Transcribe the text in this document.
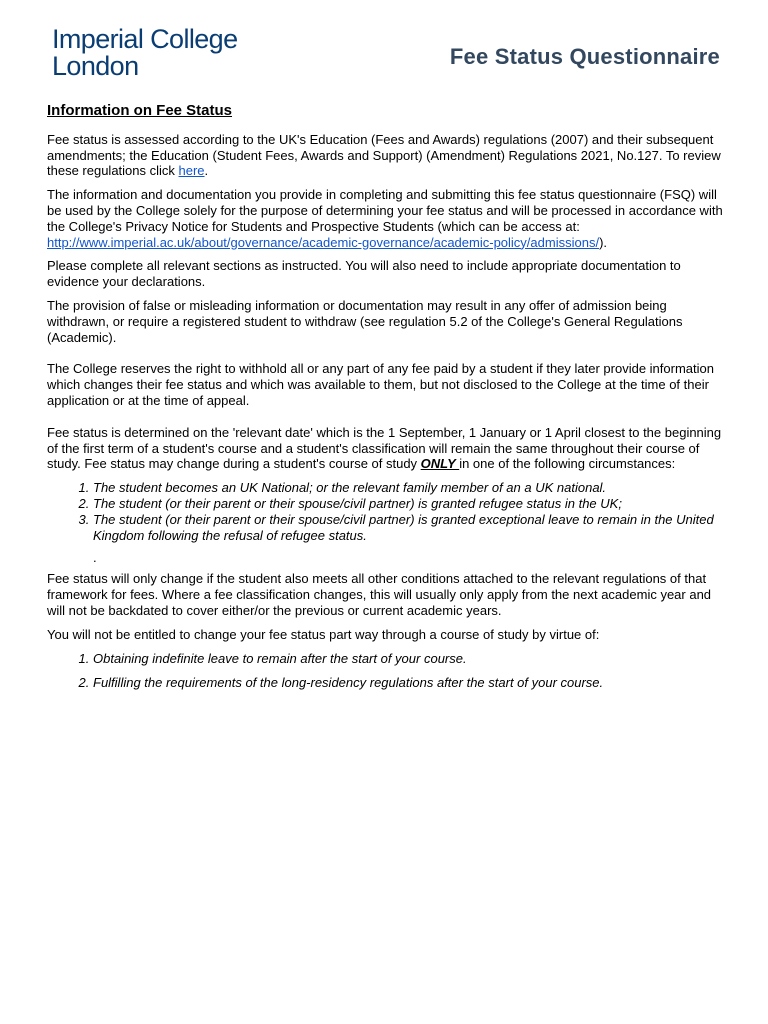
Imperial College
London	Fee Status Questionnaire
Information on Fee Status

Fee status is assessed according to the UK's Education (Fees and Awards) regulations (2007) and their subsequent amendments; the Education (Student Fees, Awards and Support) (Amendment) Regulations 2021, No.127. To review these regulations click here.

The information and documentation you provide in completing and submitting this fee status questionnaire (FSQ) will be used by the College solely for the purpose of determining your fee status and will be processed in accordance with the College's Privacy Notice for Students and Prospective Students (which can be access at: http://www.imperial.ac.uk/about/governance/academic-governance/academic-policy/admissions/).

Please complete all relevant sections as instructed. You will also need to include appropriate documentation to evidence your declarations.

The provision of false or misleading information or documentation may result in any offer of admission being withdrawn, or require a registered student to withdraw (see regulation 5.2 of the College's General Regulations (Academic).

The College reserves the right to withhold all or any part of any fee paid by a student if they later provide information which changes their fee status and which was available to them, but not disclosed to the College at the time of their application or at the time of appeal.

Fee status is determined on the 'relevant date' which is the 1 September, 1 January or 1 April closest to the beginning of the first term of a student's course and a student's classification will remain the same throughout their course of study. Fee status may change during a student's course of study ONLY in one of the following circumstances:

1. The student becomes an UK National; or the relevant family member of an a UK national.
2. The student (or their parent or their spouse/civil partner) is granted refugee status in the UK;
3. The student (or their parent or their spouse/civil partner) is granted exceptional leave to remain in the United Kingdom following the refusal of refugee status.
.

Fee status will only change if the student also meets all other conditions attached to the relevant regulations of that framework for fees. Where a fee classification changes, this will usually only apply from the next academic year and will not be backdated to cover either/or the previous or current academic years.

You will not be entitled to change your fee status part way through a course of study by virtue of:

1. Obtaining indefinite leave to remain after the start of your course.
2. Fulfilling the requirements of the long-residency regulations after the start of your course.
